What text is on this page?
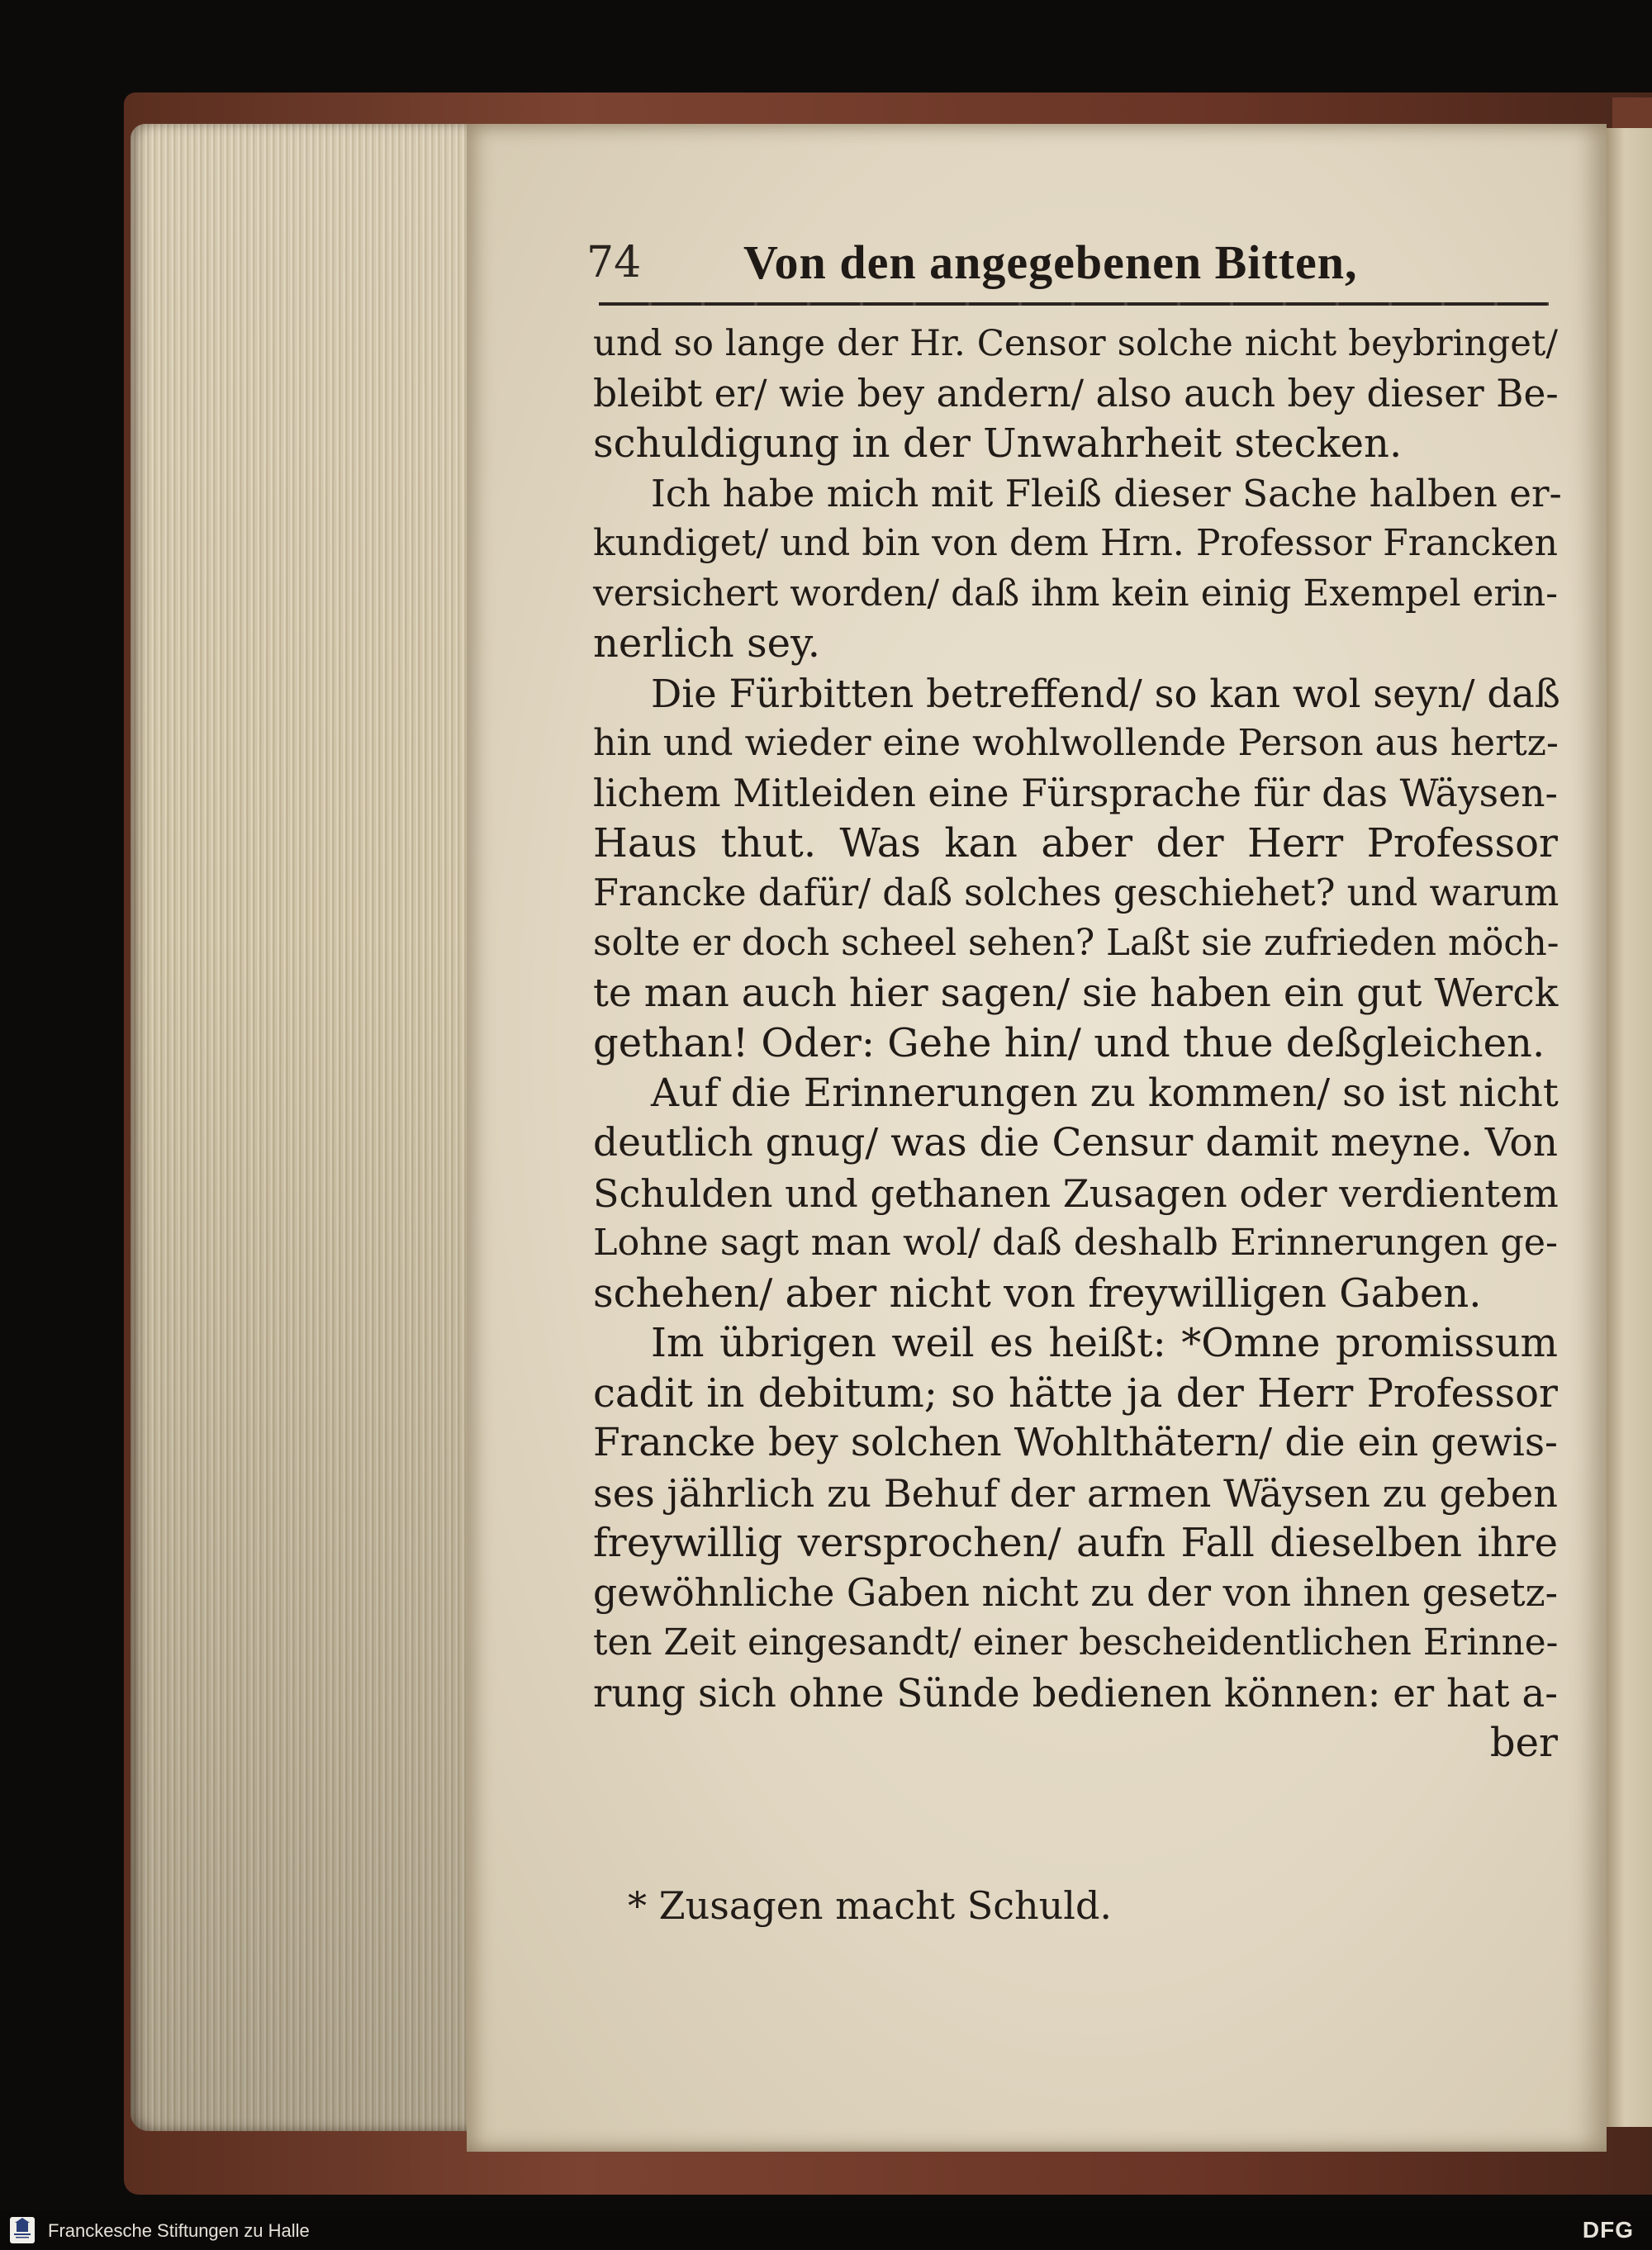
74 Von den angegebenen Bitten,
und so lange der Hr. Censor solche nicht beybringet/
bleibt er/ wie bey andern/ also auch bey dieser Be-
schuldigung in der Unwahrheit stecken.
Ich habe mich mit Fleiß dieser Sache halben er-
kundiget/ und bin von dem Hrn. Professor Francken
versichert worden/ daß ihm kein einig Exempel erin-
nerlich sey.
Die Fürbitten betreffend/ so kan wol seyn/ daß
hin und wieder eine wohlwollende Person aus hertz-
lichem Mitleiden eine Fürsprache für das Wäysen-
Haus thut. Was kan aber der Herr Professor
Francke dafür/ daß solches geschiehet? und warum
solte er doch scheel sehen? Laßt sie zufrieden möch-
te man auch hier sagen/ sie haben ein gut Werck
gethan! Oder: Gehe hin/ und thue deßgleichen.
Auf die Erinnerungen zu kommen/ so ist nicht
deutlich gnug/ was die Censur damit meyne. Von
Schulden und gethanen Zusagen oder verdientem
Lohne sagt man wol/ daß deshalb Erinnerungen ge-
schehen/ aber nicht von freywilligen Gaben.
Im übrigen weil es heißt: *Omne promissum
cadit in debitum; so hätte ja der Herr Professor
Francke bey solchen Wohlthätern/ die ein gewis-
ses jährlich zu Behuf der armen Wäysen zu geben
freywillig versprochen/ aufn Fall dieselben ihre
gewöhnliche Gaben nicht zu der von ihnen gesetz-
ten Zeit eingesandt/ einer bescheidentlichen Erinne-
rung sich ohne Sünde bedienen können: er hat a-
ber
* Zusagen macht Schuld.
Franckesche Stiftungen zu Halle	DFG
